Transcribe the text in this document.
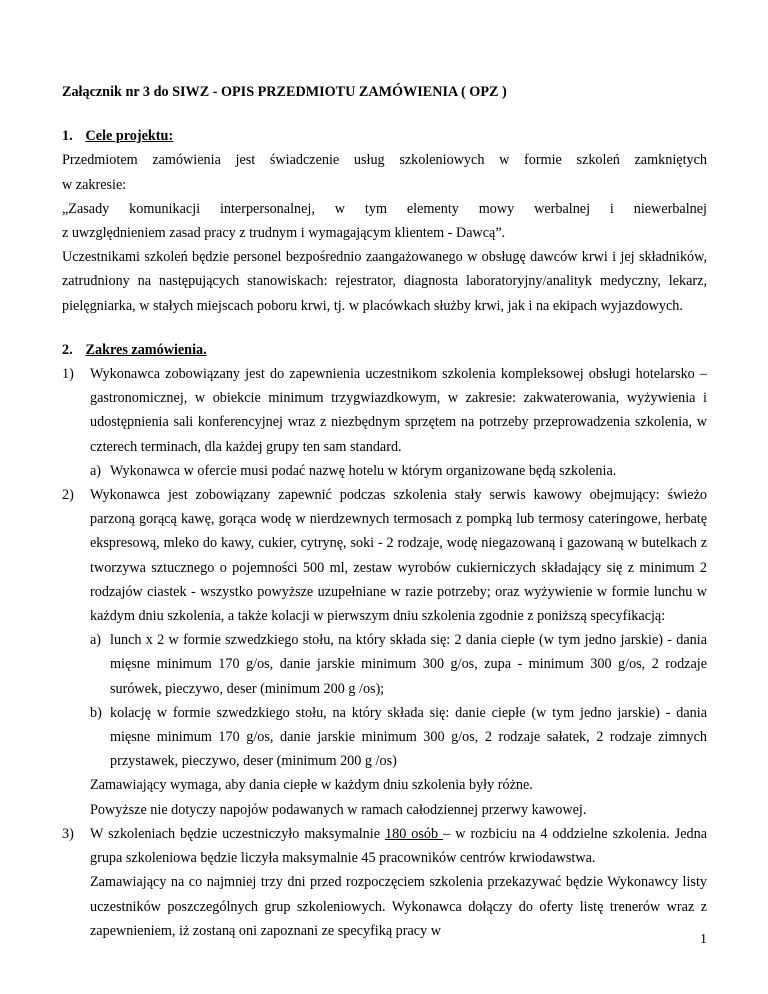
Załącznik nr 3 do SIWZ - OPIS PRZEDMIOTU ZAMÓWIENIA ( OPZ )
1. Cele projektu:

Przedmiotem zamówienia jest świadczenie usług szkoleniowych w formie szkoleń zamkniętych

w zakresie:

„Zasady komunikacji interpersonalnej, w tym elementy mowy werbalnej i niewerbalnej

z uwzględnieniem zasad pracy z trudnym i wymagającym klientem - Dawcą”.

Uczestnikami szkoleń będzie personel bezpośrednio zaangażowanego w obsługę dawców krwi i jej składników, zatrudniony na następujących stanowiskach: rejestrator, diagnosta laboratoryjny/analityk medyczny, lekarz, pielęgniarka, w stałych miejscach poboru krwi, tj. w placówkach służby krwi, jak i na ekipach wyjazdowych.

2. Zakres zamówienia.
1) Wykonawca zobowiązany jest do zapewnienia uczestnikom szkolenia kompleksowej obsługi hotelarsko – gastronomicznej, w obiekcie minimum trzygwiazdkowym, w zakresie: zakwaterowania, wyżywienia i udostępnienia sali konferencyjnej wraz z niezbędnym sprzętem na potrzeby przeprowadzenia szkolenia, w czterech terminach, dla każdej grupy ten sam standard.

a) Wykonawca w ofercie musi podać nazwę hotelu w którym organizowane będą szkolenia.

2) Wykonawca jest zobowiązany zapewnić podczas szkolenia stały serwis kawowy obejmujący: świeżo parzoną gorącą kawę, gorąca wodę w nierdzewnych termosach z pompką lub termosy cateringowe, herbatę ekspresową, mleko do kawy, cukier, cytrynę, soki - 2 rodzaje, wodę niegazowaną i gazowaną w butelkach z tworzywa sztucznego o pojemności 500 ml, zestaw wyrobów cukierniczych składający się z minimum 2 rodzajów ciastek - wszystko powyższe uzupełniane w razie potrzeby; oraz wyżywienie w formie lunchu w każdym dniu szkolenia, a także kolacji w pierwszym dniu szkolenia zgodnie z poniższą specyfikacją:

a) lunch x 2 w formie szwedzkiego stołu, na który składa się: 2 dania ciepłe (w tym jedno jarskie) - dania mięsne minimum 170 g/os, danie jarskie minimum 300 g/os, zupa - minimum 300 g/os, 2 rodzaje surówek, pieczywo, deser (minimum 200 g /os);

b) kolację w formie szwedzkiego stołu, na który składa się: danie ciepłe (w tym jedno jarskie) - dania mięsne minimum 170 g/os, danie jarskie minimum 300 g/os, 2 rodzaje sałatek, 2 rodzaje zimnych przystawek, pieczywo, deser (minimum 200 g /os)

Zamawiający wymaga, aby dania ciepłe w każdym dniu szkolenia były różne.

Powyższe nie dotyczy napojów podawanych w ramach całodziennej przerwy kawowej.

3) W szkoleniach będzie uczestniczyło maksymalnie 180 osób – w rozbiciu na 4 oddzielne szkolenia. Jedna grupa szkoleniowa będzie liczyła maksymalnie 45 pracowników centrów krwiodawstwa.

Zamawiający na co najmniej trzy dni przed rozpoczęciem szkolenia przekazywać będzie Wykonawcy listy uczestników poszczególnych grup szkoleniowych. Wykonawca dołączy do oferty listę trenerów wraz z zapewnieniem, iż zostaną oni zapoznani ze specyfiką pracy w

1
